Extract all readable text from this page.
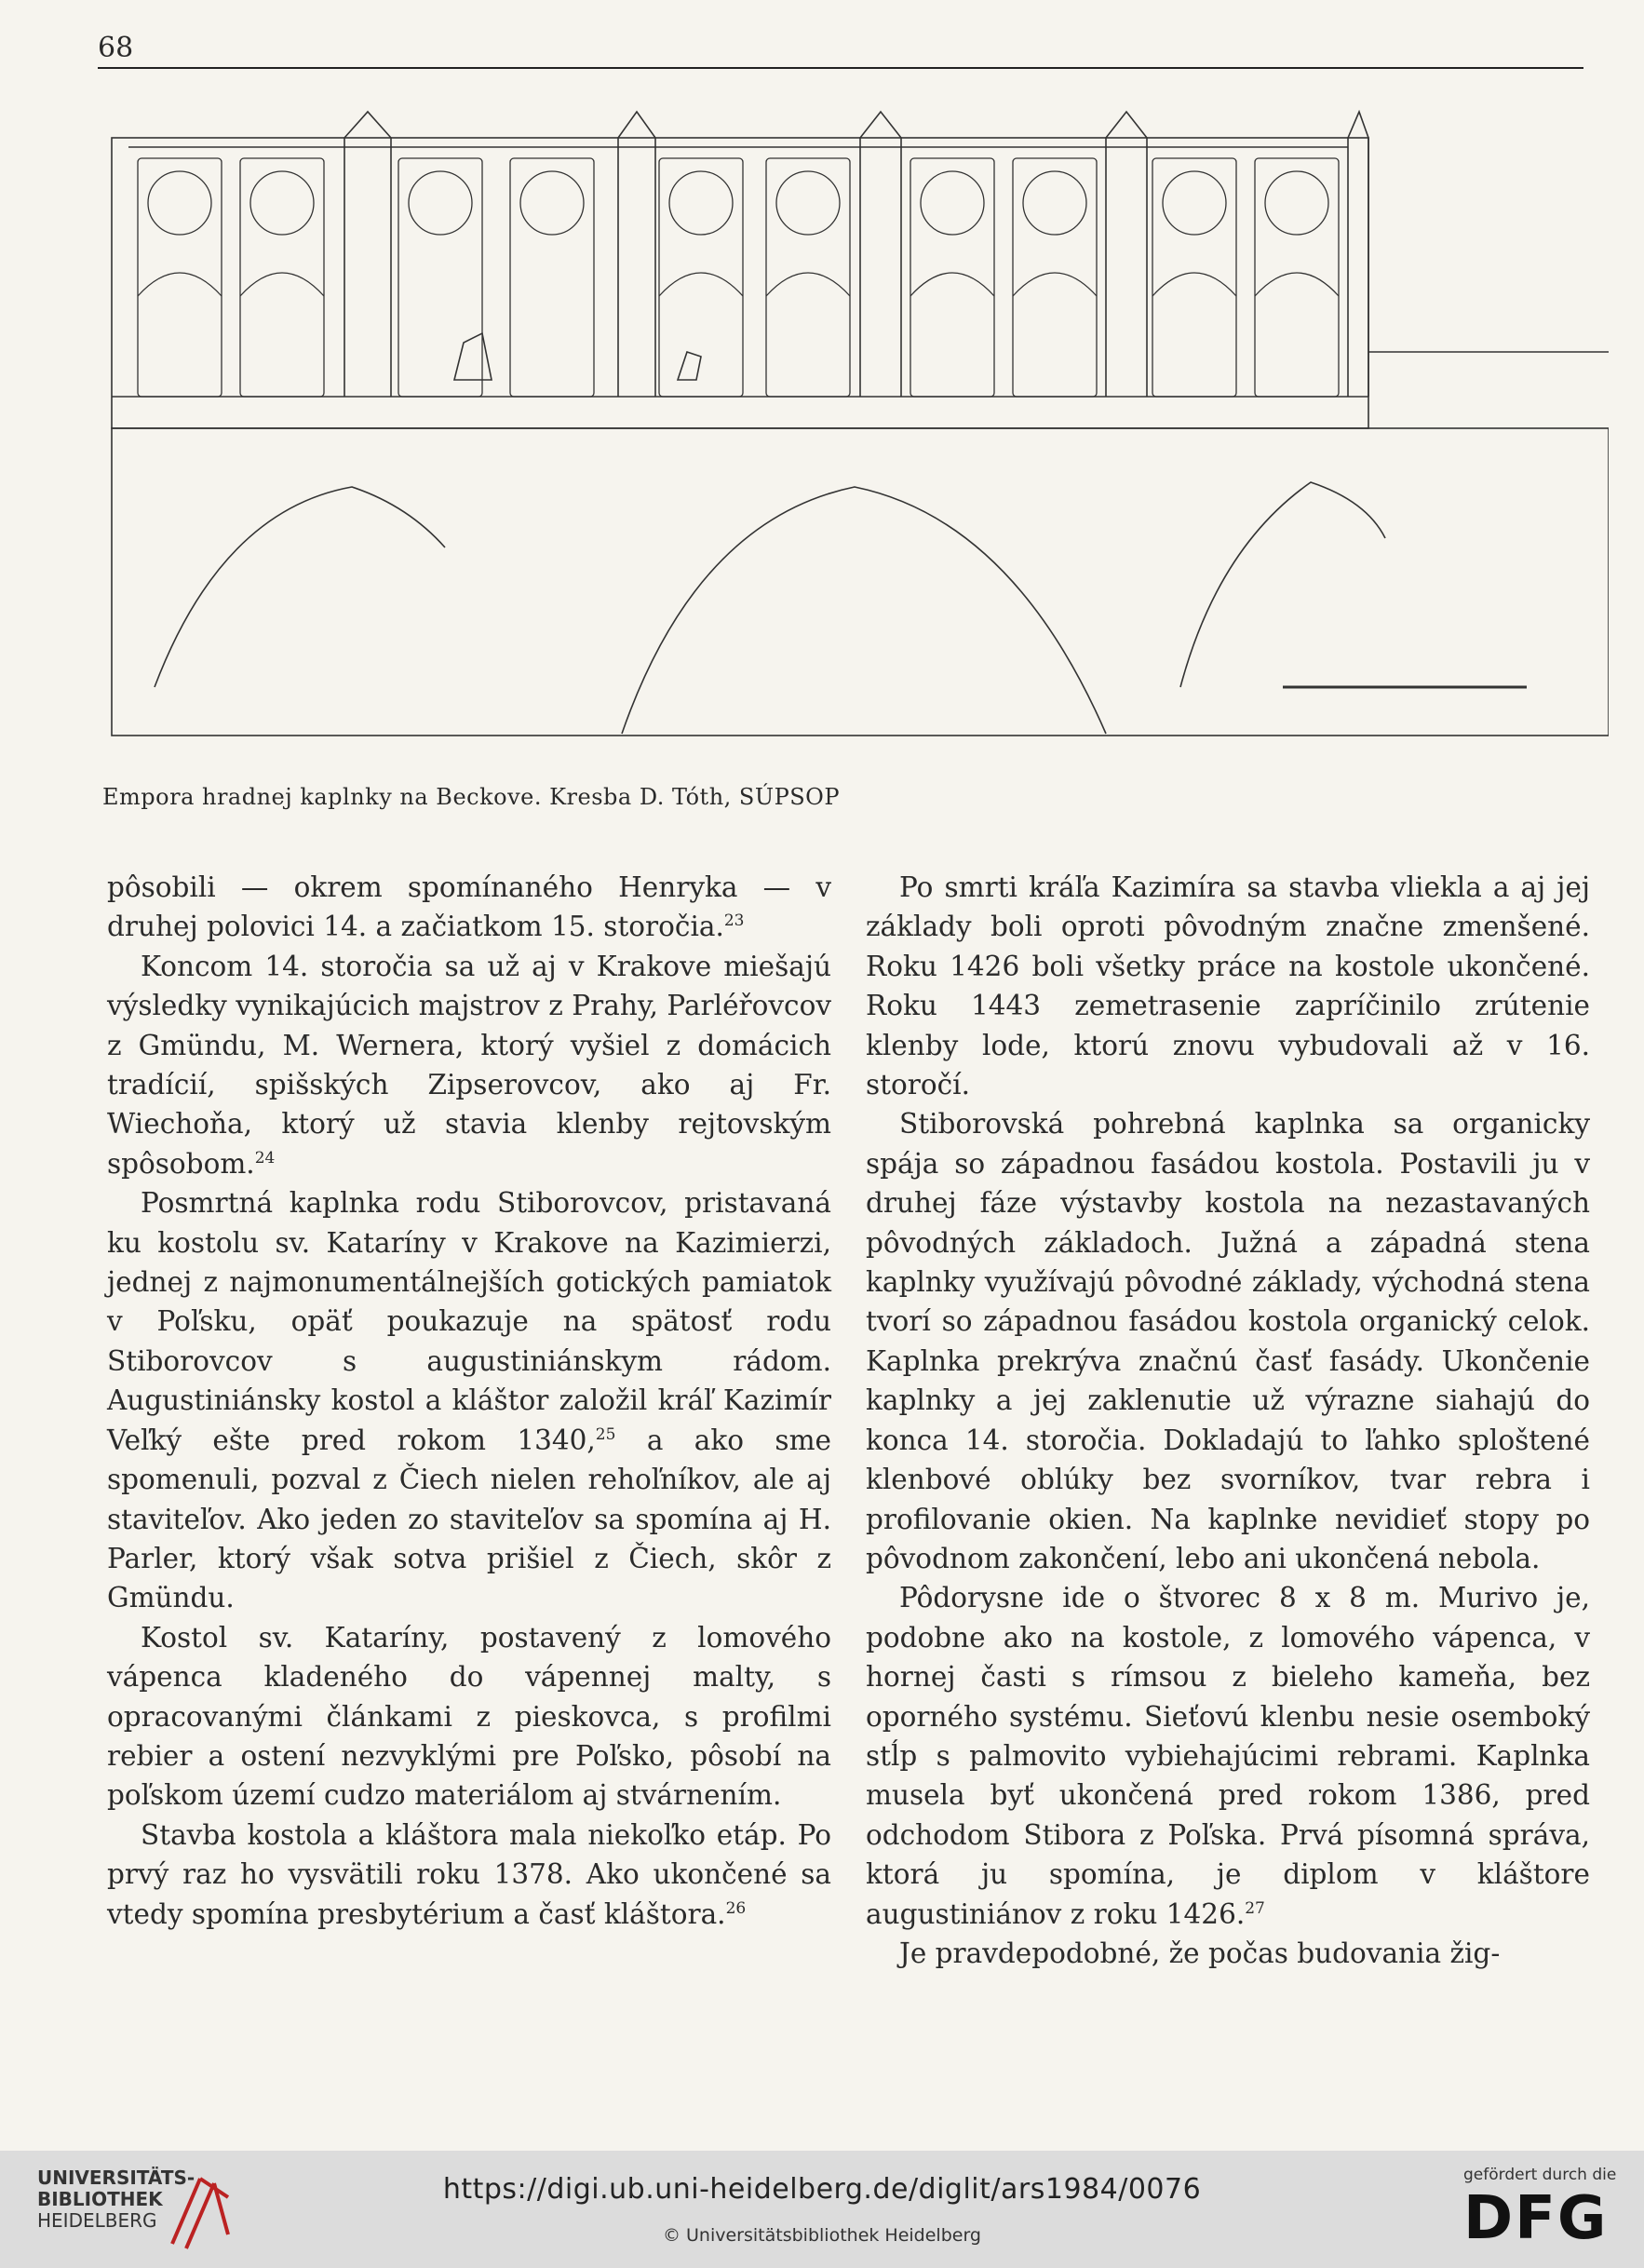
68
Empora hradnej kaplnky na Beckove. Kresba D. Tóth, SÚPSOP

pôsobili — okrem spomínaného Henryka — v druhej polovici 14. a začiatkom 15. storočia.$^{23}$

Koncom 14. storočia sa už aj v Krakove miešajú výsledky vynikajúcich majstrov z Prahy, Parléřovcov z Gmündu, M. Wernera, ktorý vyšiel z domácich tradícií, spišských Zipserovcov, ako aj Fr. Wiechoňa, ktorý už stavia klenby rejtovským spôsobom.$^{24}$

Posmrtná kaplnka rodu Stiborovcov, pristavaná ku kostolu sv. Kataríny v Krakove na Kazimierzi, jednej z najmonumentálnejších gotických pamiatok v Poľsku, opäť poukazuje na spätosť rodu Stiborovcov s augustiniánskym rádom. Augustiniánsky kostol a kláštor založil kráľ Kazimír Veľký ešte pred rokom 1340,25 a ako sme spomenuli, pozval z Čiech nielen rehoľníkov, ale aj staviteľov. Ako jeden zo staviteľov sa spomína aj H. Parler, ktorý však sotva prišiel z Čiech, skôr z Gmündu.

Kostol sv. Kataríny, postavený z lomového vápenca kladeného do vápennej malty, s opracovanými článkami z pieskovca, s profilmi rebier a ostení nezvyklými pre Poľsko, pôsobí na poľskom území cudzo materiálom aj stvárnením.

Stavba kostola a kláštora mala niekoľko etáp. Po prvý raz ho vysvätili roku 1378. Ako ukončené sa vtedy spomína presbytérium a časť kláštora.$^{26}$

Po smrti kráľa Kazimíra sa stavba vliekla a aj jej základy boli oproti pôvodným značne zmenšené. Roku 1426 boli všetky práce na kostole ukončené. Roku 1443 zemetrasenie zapríčinilo zrútenie klenby lode, ktorú znovu vybudovali až v 16. storočí.

Stiborovská pohrebná kaplnka sa organicky spája so západnou fasádou kostola. Postavili ju v druhej fáze výstavby kostola na nezastavaných pôvodných základoch. Južná a západná stena kaplnky využívajú pôvodné základy, východná stena tvorí so západnou fasádou kostola organický celok. Kaplnka prekrýva značnú časť fasády. Ukončenie kaplnky a jej zaklenutie už výrazne siahajú do konca 14. storočia. Dokladajú to ľahko sploštené klenbové oblúky bez svorníkov, tvar rebra i profilovanie okien. Na kaplnke nevidieť stopy po pôvodnom zakončení, lebo ani ukončená nebola.

Pôdorysne ide o štvorec 8 x 8 m. Murivo je, podobne ako na kostole, z lomového vápenca, v hornej časti s rímsou z bieleho kameňa, bez oporného systému. Sieťovú klenbu nesie osemboký stĺp s palmovito vybiehajúcimi rebrami. Kaplnka musela byť ukončená pred rokom 1386, pred odchodom Stibora z Poľska. Prvá písomná správa, ktorá ju spomína, je diplom v kláštore augustiniánov z roku 1426.27

Je pravdepodobné, že počas budovania žig-

UNIVERSITÄTS-
BIBLIOTHEK
HEIDELBERG
https://digi.ub.uni-heidelberg.de/diglit/ars1984/0076
© Universitätsbibliothek Heidelberg
gefördert durch die
DFG
